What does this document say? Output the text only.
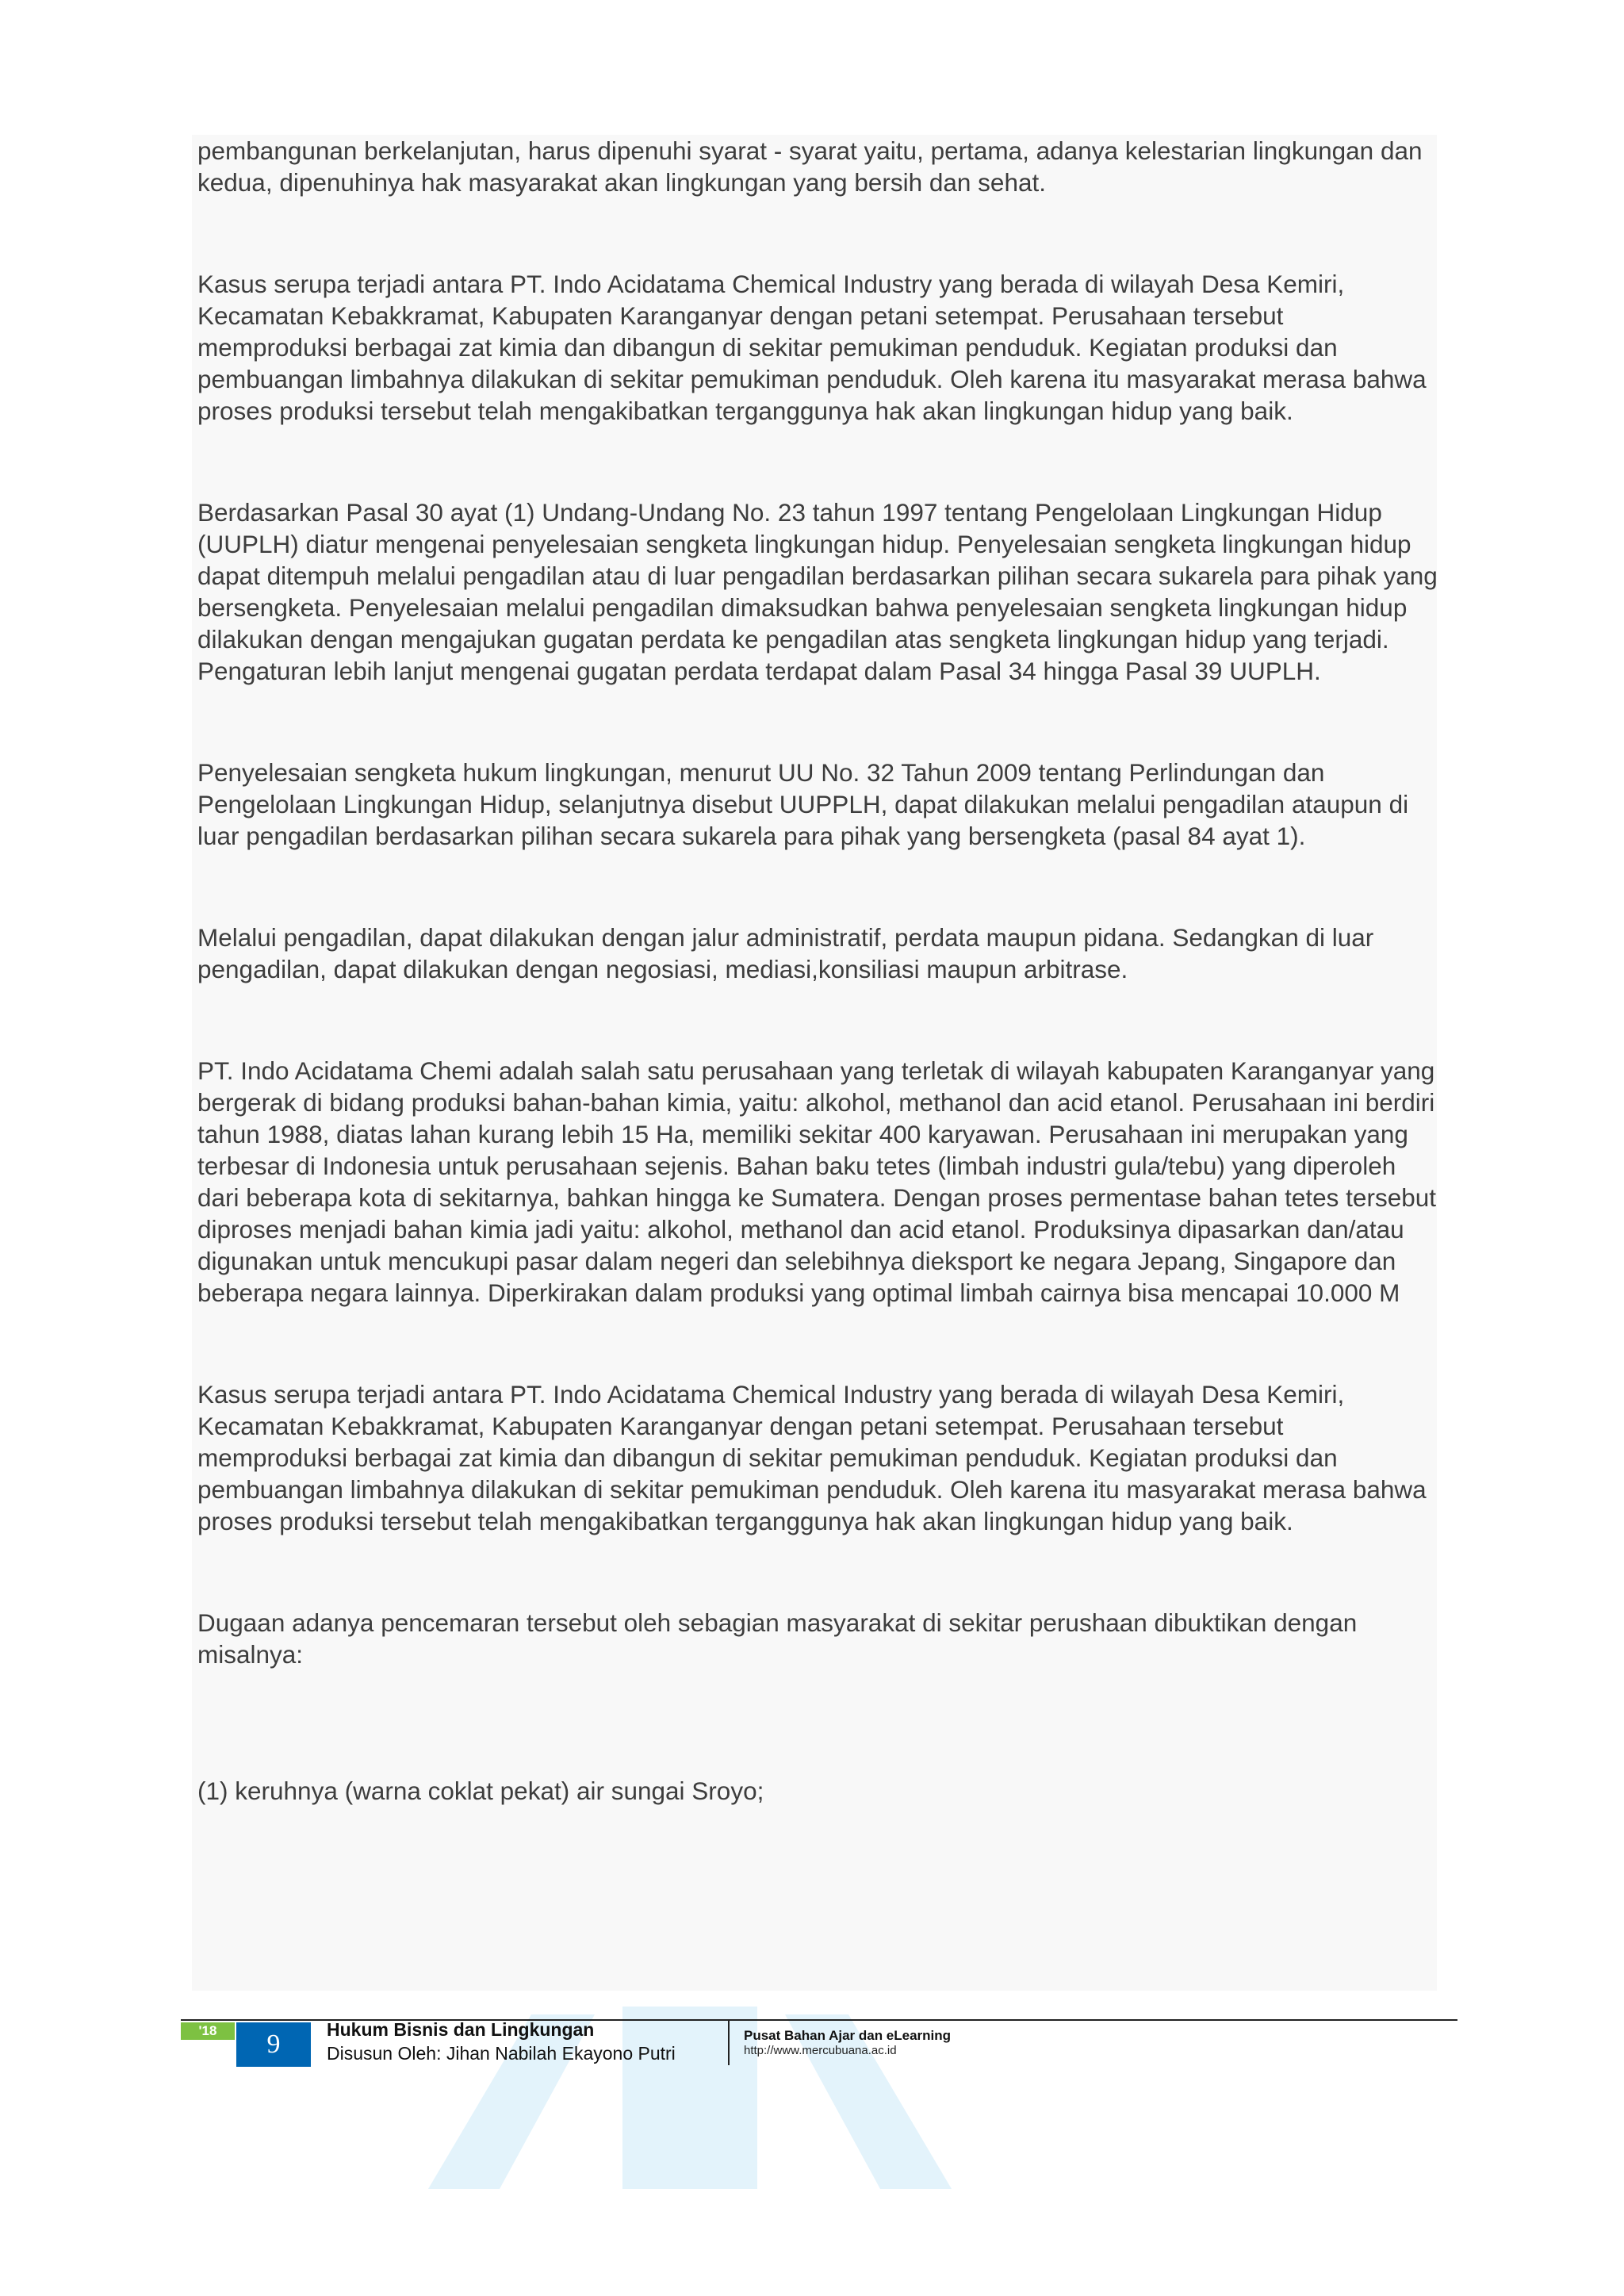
pembangunan berkelanjutan, harus dipenuhi syarat - syarat yaitu, pertama, adanya kelestarian lingkungan dan kedua, dipenuhinya hak masyarakat akan lingkungan yang bersih dan sehat.

Kasus serupa terjadi antara PT. Indo Acidatama Chemical Industry yang berada di wilayah Desa Kemiri, Kecamatan Kebakkramat, Kabupaten Karanganyar dengan petani setempat. Perusahaan tersebut memproduksi berbagai zat kimia dan dibangun di sekitar pemukiman penduduk. Kegiatan produksi dan pembuangan limbahnya dilakukan di sekitar pemukiman penduduk. Oleh karena itu masyarakat merasa bahwa proses produksi tersebut telah mengakibatkan terganggunya hak akan lingkungan hidup yang baik.

Berdasarkan Pasal 30 ayat (1) Undang-Undang No. 23 tahun 1997 tentang Pengelolaan Lingkungan Hidup (UUPLH) diatur mengenai penyelesaian sengketa lingkungan hidup. Penyelesaian sengketa lingkungan hidup dapat ditempuh melalui pengadilan atau di luar pengadilan berdasarkan pilihan secara sukarela para pihak yang bersengketa. Penyelesaian melalui pengadilan dimaksudkan bahwa penyelesaian sengketa lingkungan hidup dilakukan dengan mengajukan gugatan perdata ke pengadilan atas sengketa lingkungan hidup yang terjadi. Pengaturan lebih lanjut mengenai gugatan perdata terdapat dalam Pasal 34 hingga Pasal 39 UUPLH.

Penyelesaian sengketa hukum lingkungan, menurut UU No. 32 Tahun 2009 tentang Perlindungan dan Pengelolaan Lingkungan Hidup, selanjutnya disebut UUPPLH, dapat dilakukan melalui pengadilan ataupun di luar pengadilan berdasarkan pilihan secara sukarela para pihak yang bersengketa (pasal 84 ayat 1).

Melalui pengadilan, dapat dilakukan dengan jalur administratif, perdata maupun pidana. Sedangkan di luar pengadilan, dapat dilakukan dengan negosiasi, mediasi,konsiliasi maupun arbitrase.

PT. Indo Acidatama Chemi adalah salah satu perusahaan yang terletak di wilayah kabupaten Karanganyar yang bergerak di bidang produksi bahan-bahan kimia, yaitu: alkohol, methanol dan acid etanol. Perusahaan ini berdiri tahun 1988, diatas lahan kurang lebih 15 Ha, memiliki sekitar 400 karyawan. Perusahaan ini merupakan yang terbesar di Indonesia untuk perusahaan sejenis. Bahan baku tetes (limbah industri gula/tebu) yang diperoleh dari beberapa kota di sekitarnya, bahkan hingga ke Sumatera. Dengan proses permentase bahan tetes tersebut diproses menjadi bahan kimia jadi yaitu: alkohol, methanol dan acid etanol. Produksinya dipasarkan dan/atau digunakan untuk mencukupi pasar dalam negeri dan selebihnya dieksport ke negara Jepang, Singapore dan beberapa negara lainnya. Diperkirakan dalam produksi yang optimal limbah cairnya bisa mencapai 10.000 M

Kasus serupa terjadi antara PT. Indo Acidatama Chemical Industry yang berada di wilayah Desa Kemiri, Kecamatan Kebakkramat, Kabupaten Karanganyar dengan petani setempat. Perusahaan tersebut memproduksi berbagai zat kimia dan dibangun di sekitar pemukiman penduduk. Kegiatan produksi dan pembuangan limbahnya dilakukan di sekitar pemukiman penduduk. Oleh karena itu masyarakat merasa bahwa proses produksi tersebut telah mengakibatkan terganggunya hak akan lingkungan hidup yang baik.

Dugaan adanya pencemaran tersebut oleh sebagian masyarakat di sekitar perushaan dibuktikan dengan misalnya:

(1) keruhnya (warna coklat pekat) air sungai Sroyo;

'18	9	Hukum Bisnis dan Lingkungan
Disusun Oleh: Jihan Nabilah Ekayono Putri
Pusat Bahan Ajar dan eLearning
http://www.mercubuana.ac.id
